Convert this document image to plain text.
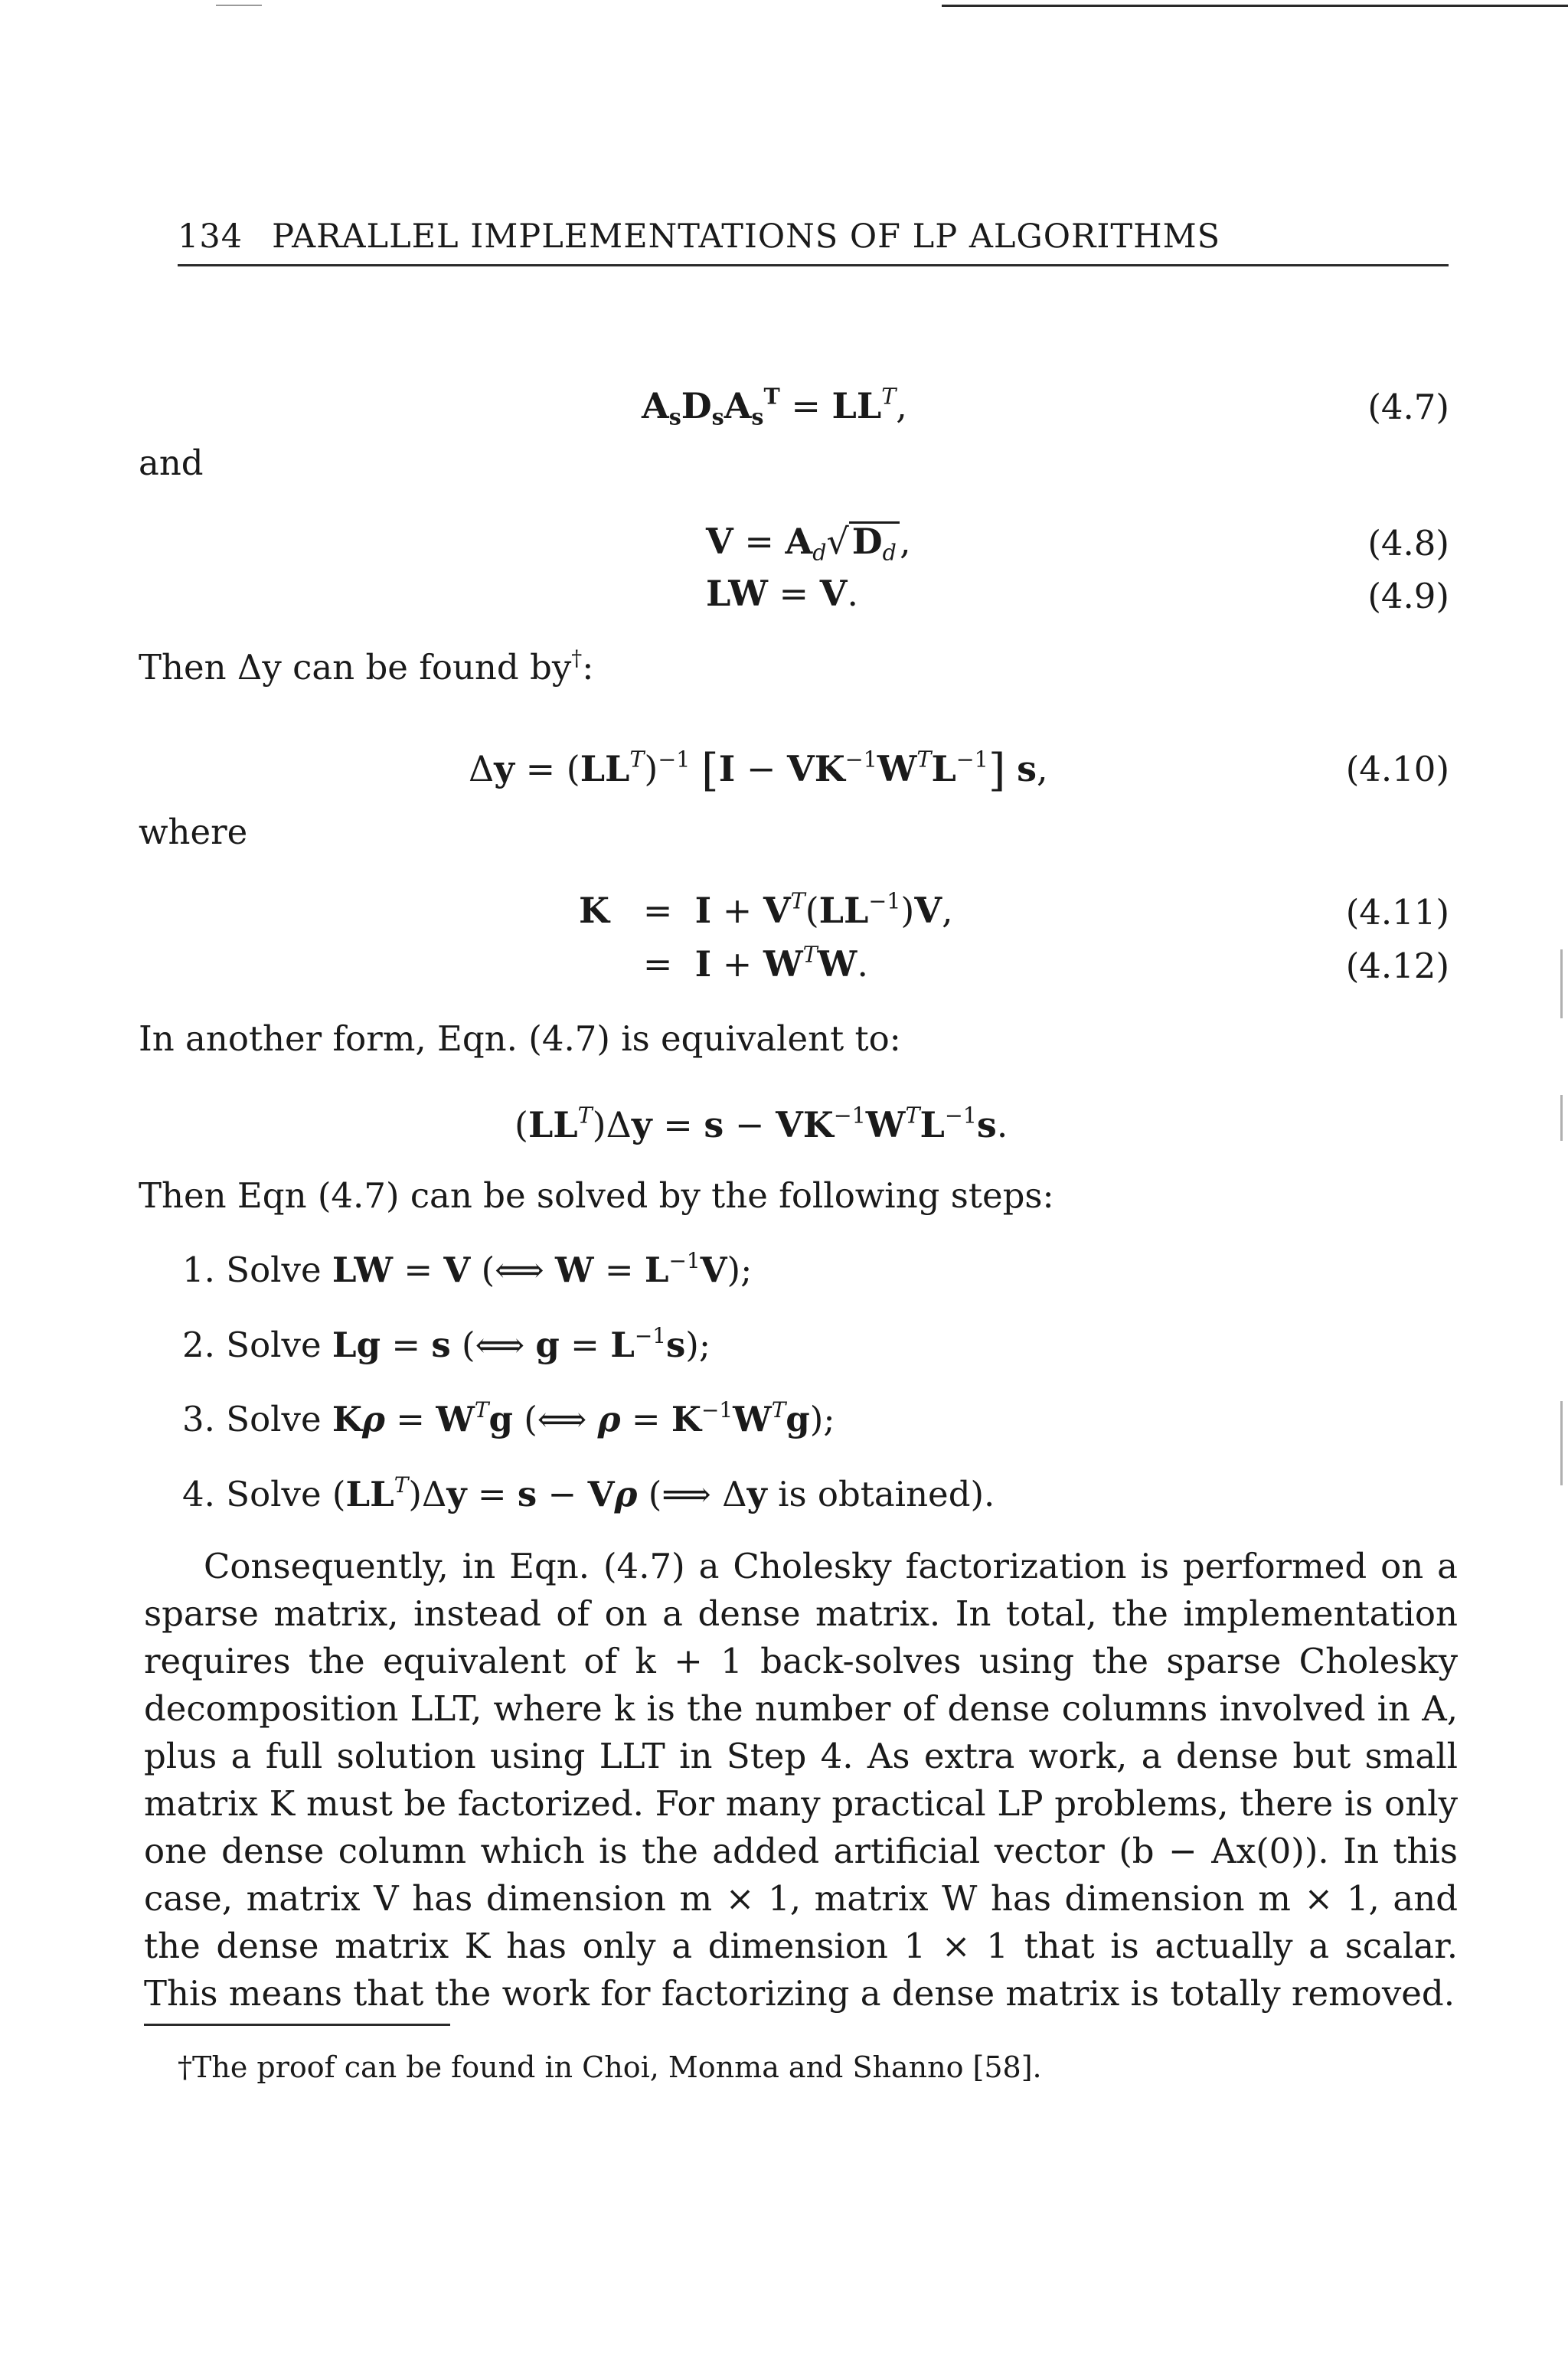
134 PARALLEL IMPLEMENTATIONS OF LP ALGORITHMS
$A_sD_sA_s^T = LL^T$,	(4.7)
and
$V = A_d√D_d$,	(4.8)
LW = V.	(4.9)
Then Δy can be found by†:
$\Delta y = (LL^T)^{-1}$ $[I - VK^{-1}W^TL^{-1}]$ s,	(4.10)
where
$K = I + V^T(LL^{-1})V$,	(4.11)
=  $I + W^TW$.	(4.12)
In another form, Eqn. (4.7) is equivalent to:
$(LL^T)\Delta y = s - VK^{-1}W^TL^{-1}s$.
Then Eqn (4.7) can be solved by the following steps:
1. Solve LW = V (⟺ $W = L^{-1}V$);
2. Solve Lg = s (⟺ $g = L^{-1}s$);
3. Solve $K\rho = W^Tg$ (⟺ $\rho = K^{-1}W^Tg$);
4. Solve $(LL^T)\Delta y = s - V\rho$ (⟹ Δy is obtained).
Consequently, in Eqn. (4.7) a Cholesky factorization is performed on a sparse matrix, instead of on a dense matrix. In total, the implementation requires the equivalent of k + 1 back-solves using the sparse Cholesky decomposition LLT, where k is the number of dense columns involved in A, plus a full solution using LLT in Step 4. As extra work, a dense but small matrix K must be factorized. For many practical LP problems, there is only one dense column which is the added artificial vector (b − Ax(0)). In this case, matrix V has dimension m × 1, matrix W has dimension m × 1, and the dense matrix K has only a dimension 1 × 1 that is actually a scalar. This means that the work for factorizing a dense matrix is totally removed.
†The proof can be found in Choi, Monma and Shanno [58].
